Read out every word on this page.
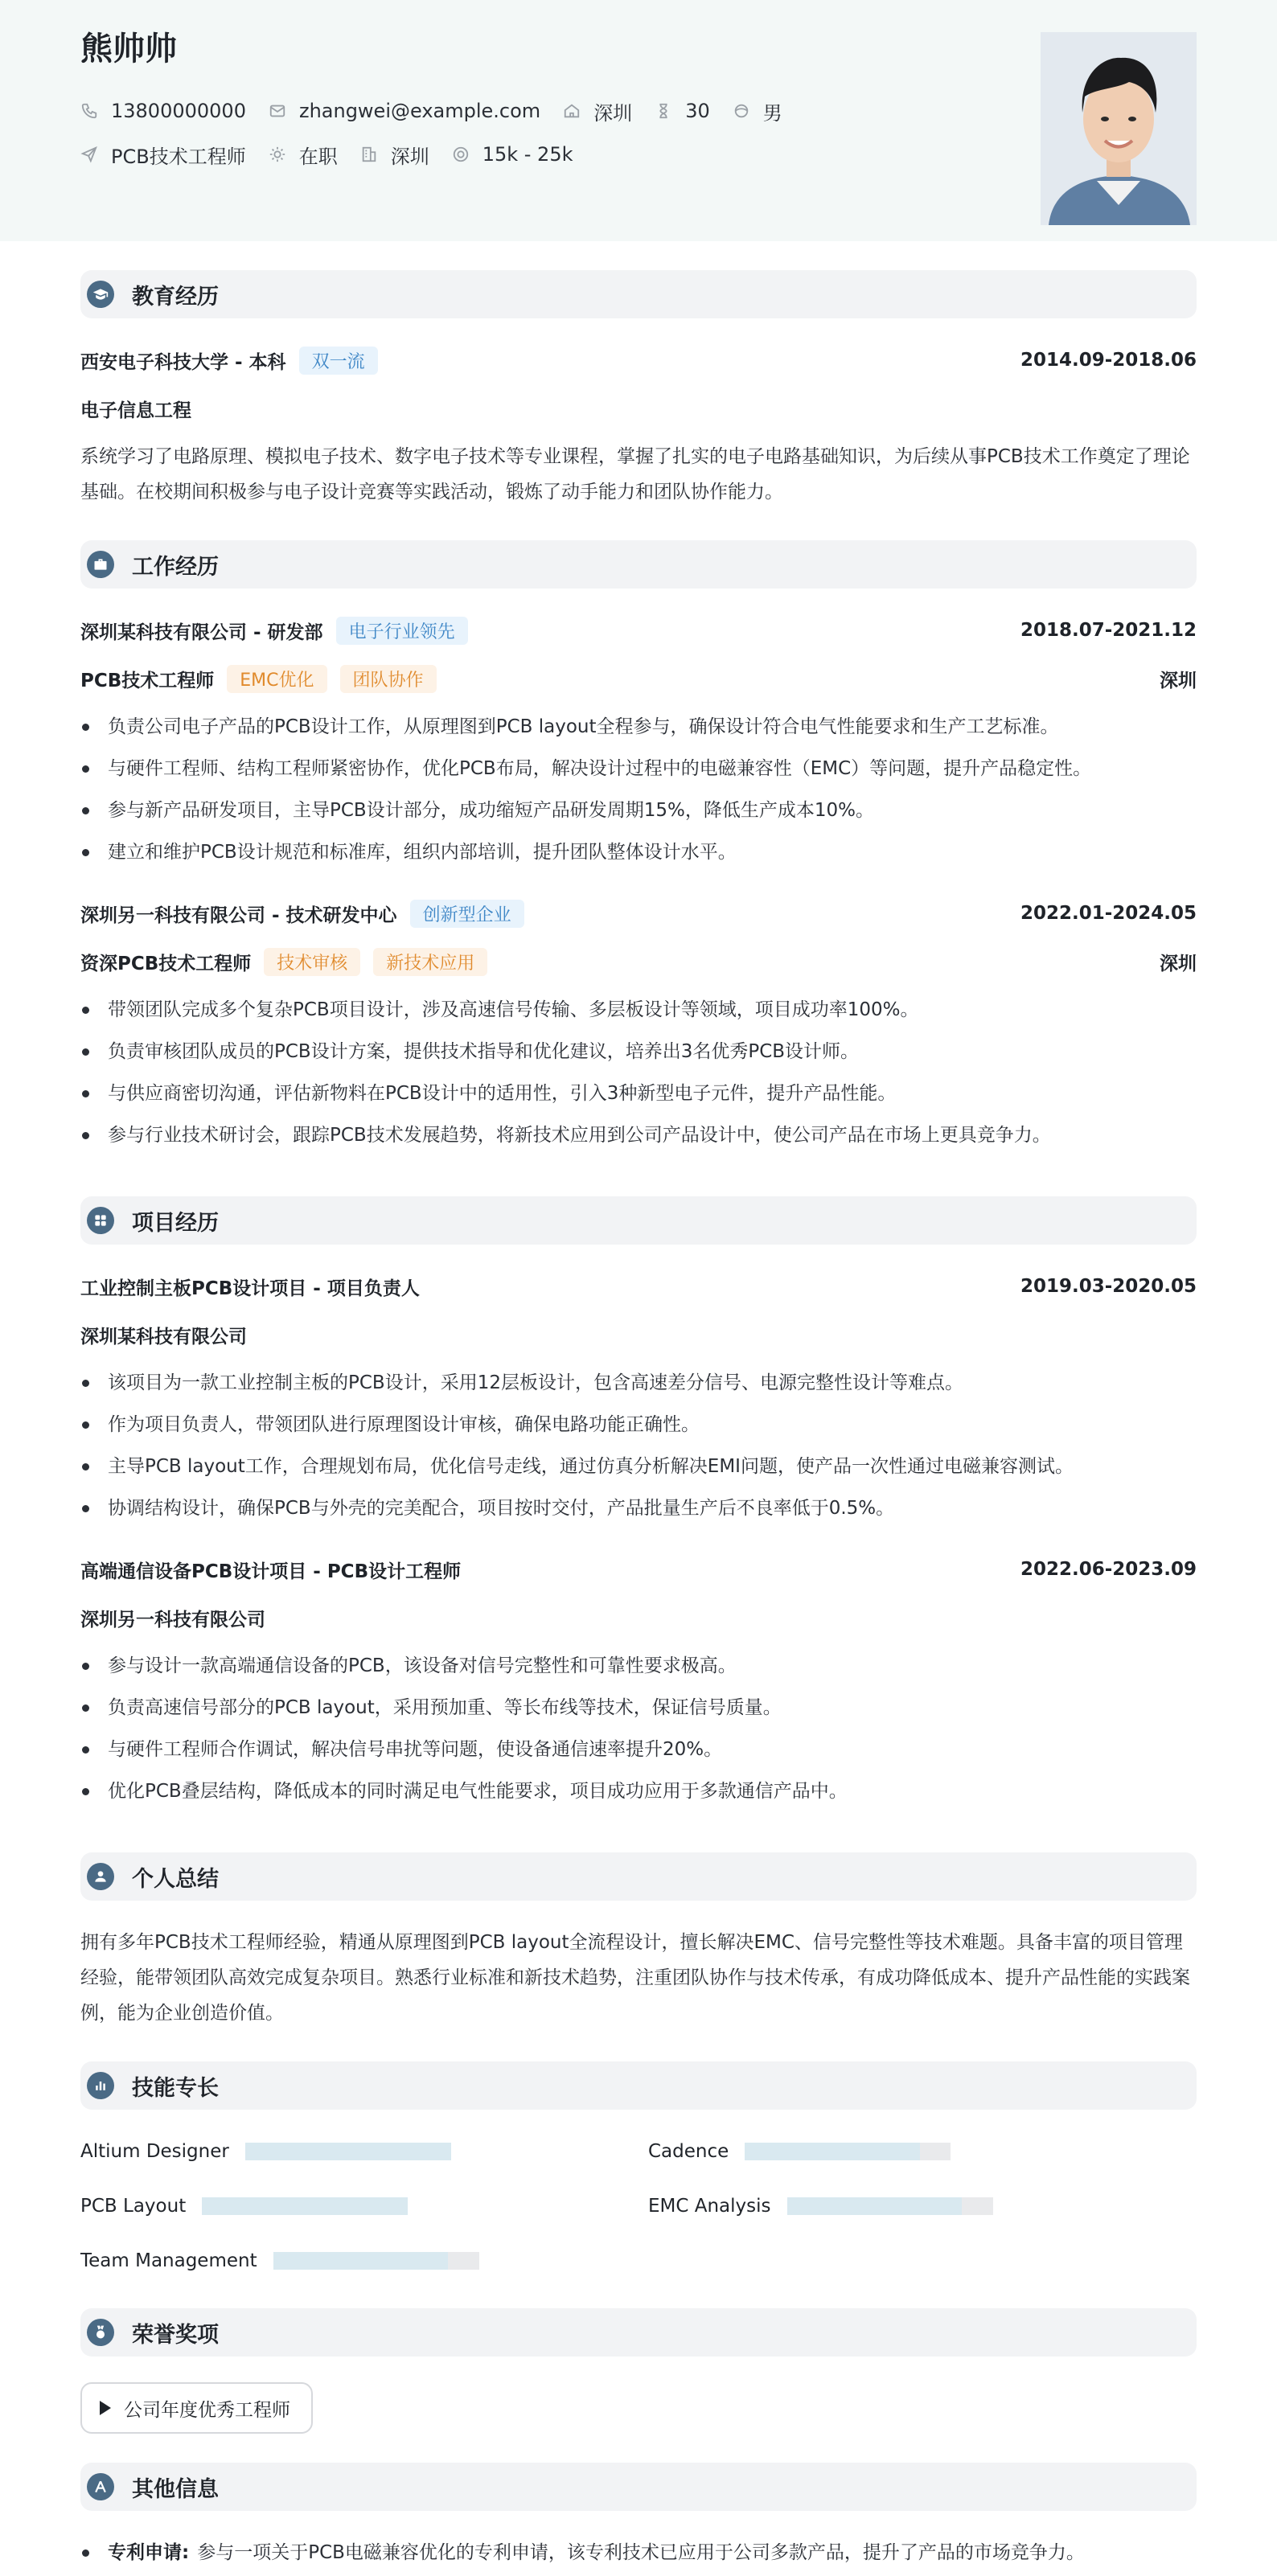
熊帅帅
13800000000	zhangwei@example.com	深圳	30	男
PCB技术工程师	在职	深圳	15k - 25k
教育经历
西安电子科技大学 - 本科	双一流	2014.09-2018.06
电子信息工程
系统学习了电路原理、模拟电子技术、数字电子技术等专业课程，掌握了扎实的电子电路基础知识，为后续从事PCB技术工作奠定了理论基础。在校期间积极参与电子设计竞赛等实践活动，锻炼了动手能力和团队协作能力。
工作经历
深圳某科技有限公司 - 研发部	电子行业领先	2018.07-2021.12
PCB技术工程师	EMC优化	团队协作	深圳
负责公司电子产品的PCB设计工作，从原理图到PCB layout全程参与，确保设计符合电气性能要求和生产工艺标准。
与硬件工程师、结构工程师紧密协作，优化PCB布局，解决设计过程中的电磁兼容性（EMC）等问题，提升产品稳定性。
参与新产品研发项目，主导PCB设计部分，成功缩短产品研发周期15%，降低生产成本10%。
建立和维护PCB设计规范和标准库，组织内部培训，提升团队整体设计水平。
深圳另一科技有限公司 - 技术研发中心	创新型企业	2022.01-2024.05
资深PCB技术工程师	技术审核	新技术应用	深圳
带领团队完成多个复杂PCB项目设计，涉及高速信号传输、多层板设计等领域，项目成功率100%。
负责审核团队成员的PCB设计方案，提供技术指导和优化建议，培养出3名优秀PCB设计师。
与供应商密切沟通，评估新物料在PCB设计中的适用性，引入3种新型电子元件，提升产品性能。
参与行业技术研讨会，跟踪PCB技术发展趋势，将新技术应用到公司产品设计中，使公司产品在市场上更具竞争力。
项目经历
工业控制主板PCB设计项目 - 项目负责人	2019.03-2020.05
深圳某科技有限公司
该项目为一款工业控制主板的PCB设计，采用12层板设计，包含高速差分信号、电源完整性设计等难点。
作为项目负责人，带领团队进行原理图设计审核，确保电路功能正确性。
主导PCB layout工作，合理规划布局，优化信号走线，通过仿真分析解决EMI问题，使产品一次性通过电磁兼容测试。
协调结构设计，确保PCB与外壳的完美配合，项目按时交付，产品批量生产后不良率低于0.5%。
高端通信设备PCB设计项目 - PCB设计工程师	2022.06-2023.09
深圳另一科技有限公司
参与设计一款高端通信设备的PCB，该设备对信号完整性和可靠性要求极高。
负责高速信号部分的PCB layout，采用预加重、等长布线等技术，保证信号质量。
与硬件工程师合作调试，解决信号串扰等问题，使设备通信速率提升20%。
优化PCB叠层结构，降低成本的同时满足电气性能要求，项目成功应用于多款通信产品中。
个人总结
拥有多年PCB技术工程师经验，精通从原理图到PCB layout全流程设计，擅长解决EMC、信号完整性等技术难题。具备丰富的项目管理经验，能带领团队高效完成复杂项目。熟悉行业标准和新技术趋势，注重团队协作与技术传承，有成功降低成本、提升产品性能的实践案例，能为企业创造价值。
技能专长
Altium Designer	Cadence
PCB Layout	EMC Analysis
Team Management
荣誉奖项
公司年度优秀工程师
其他信息
专利申请: 参与一项关于PCB电磁兼容优化的专利申请，该专利技术已应用于公司多款产品，提升了产品的市场竞争力。
